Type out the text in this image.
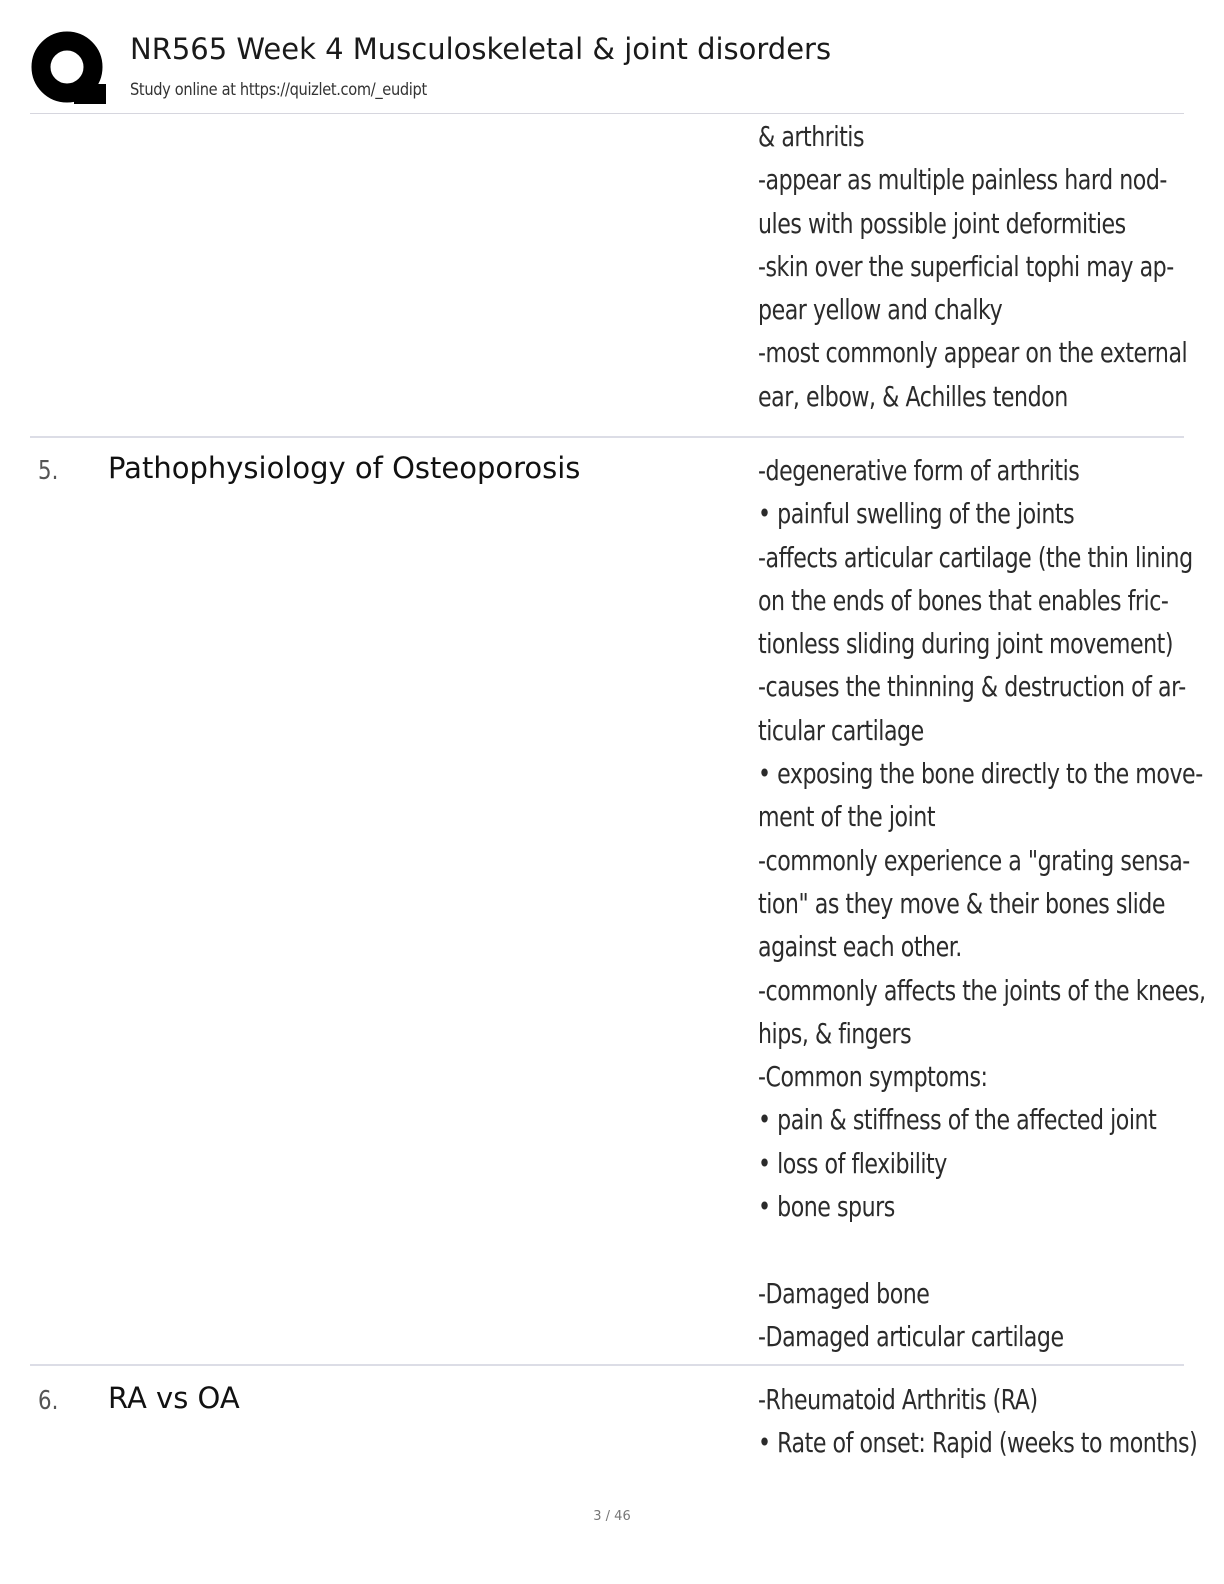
NR565 Week 4 Musculoskeletal & joint disorders
Study online at https://quizlet.com/_eudipt
& arthritis
-appear as multiple painless hard nod-
ules with possible joint deformities
-skin over the superficial tophi may ap-
pear yellow and chalky
-most commonly appear on the external
ear, elbow, & Achilles tendon
5. Pathophysiology of Osteoporosis	-degenerative form of arthritis
• painful swelling of the joints
-affects articular cartilage (the thin lining
on the ends of bones that enables fric-
tionless sliding during joint movement)
-causes the thinning & destruction of ar-
ticular cartilage
• exposing the bone directly to the move-
ment of the joint
-commonly experience a "grating sensa-
tion" as they move & their bones slide
against each other.
-commonly affects the joints of the knees,
hips, & fingers
-Common symptoms:
• pain & stiffness of the affected joint
• loss of flexibility
• bone spurs
-Damaged bone
-Damaged articular cartilage
6. RA vs OA	-Rheumatoid Arthritis (RA)
• Rate of onset: Rapid (weeks to months)
3 / 46
